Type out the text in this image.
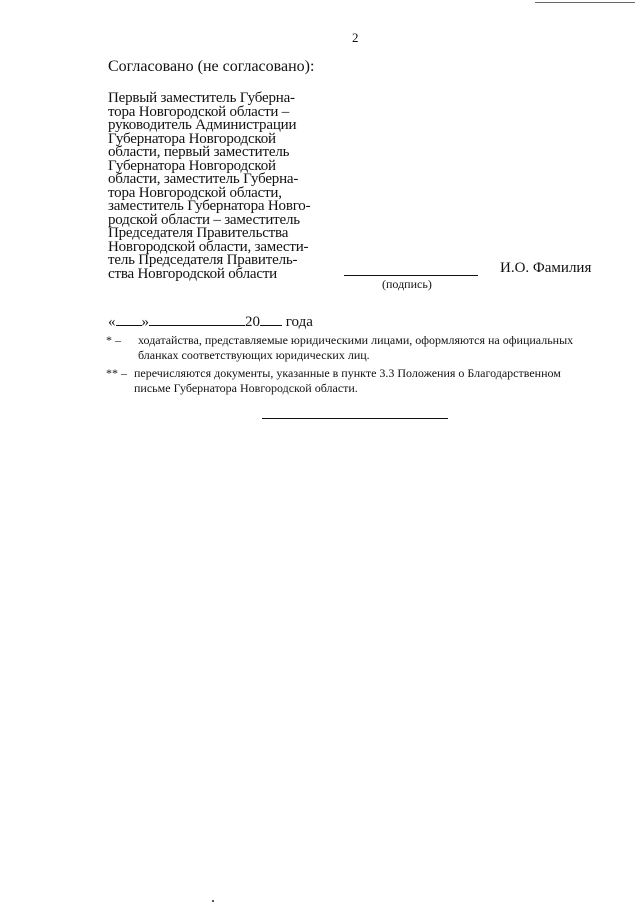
2
Согласовано (не согласовано):
Первый заместитель Губерна-
тора Новгородской области –
руководитель Администрации
Губернатора Новгородской
области, первый заместитель
Губернатора Новгородской
области, заместитель Губерна-
тора Новгородской области,
заместитель Губернатора Новго-
родской области – заместитель
Председателя Правительства
Новгородской области, замести-
тель Председателя Правитель-
ства Новгородской области
(подпись)
И.О. Фамилия
« »	20 года
* – ходатайства, представляемые юридическими лицами, оформляются на официальных
бланках соответствующих юридических лиц.
** – перечисляются документы, указанные в пункте 3.3 Положения о Благодарственном
письме Губернатора Новгородской области.
